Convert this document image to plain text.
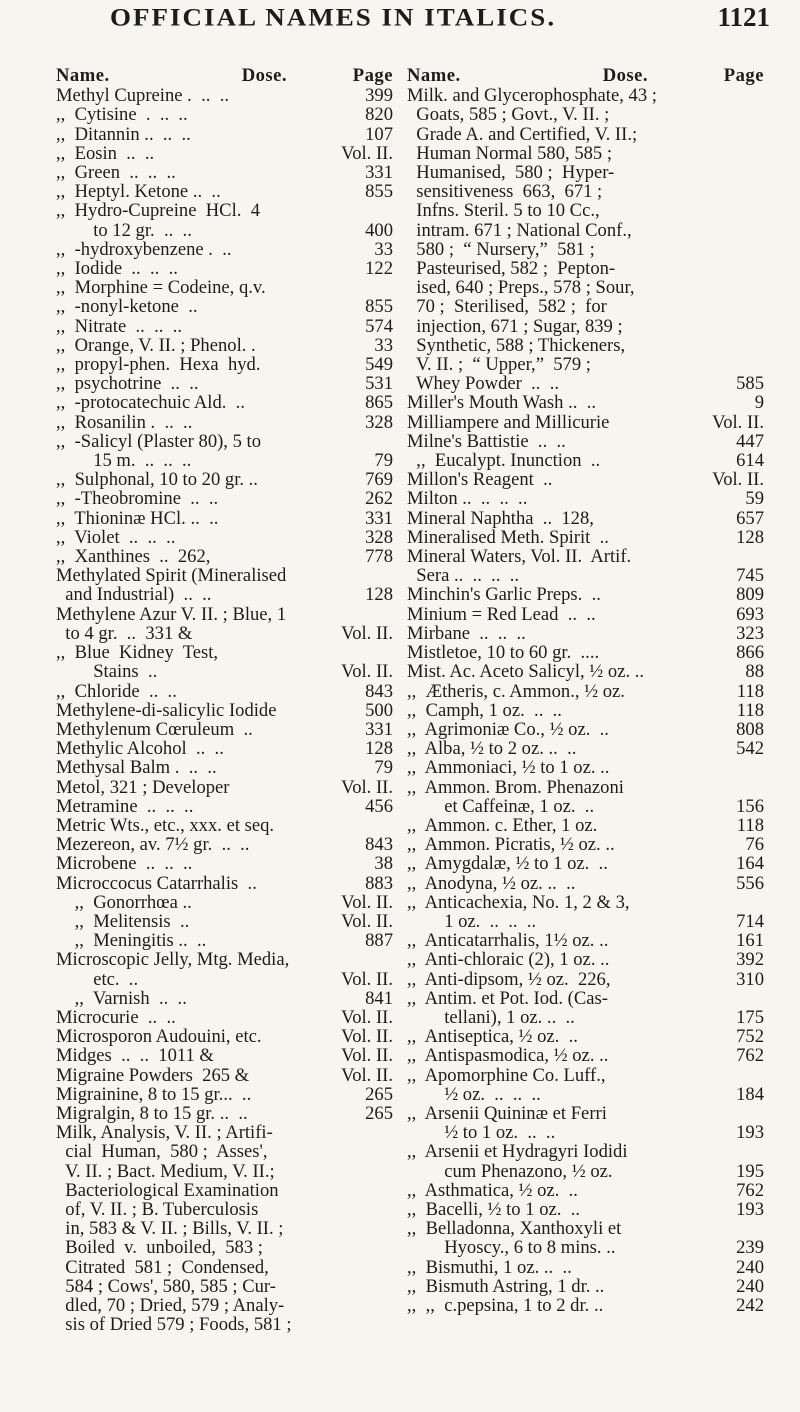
OFFICIAL NAMES IN ITALICS.	1121
Name.	Dose.	Page
Methyl Cupreine .  ..  ..	399
,,  Cytisine  .  ..  ..	820
,,  Ditannin ..  ..  ..	107
,,  Eosin  ..  ..	Vol. II.
,,  Green  ..  ..  ..	331
,,  Heptyl. Ketone ..  ..	855
,,  Hydro-Cupreine  HCl.  4
to 12 gr.  ..  ..	400
,,  -hydroxybenzene .  ..	33
,,  Iodide  ..  ..  ..	122
,,  Morphine = Codeine, q.v.
,,  -nonyl-ketone  ..	855
,,  Nitrate  ..  ..  ..	574
,,  Orange, V. II. ; Phenol. .	33
,,  propyl-phen.  Hexa  hyd.	549
,,  psychotrine  ..  ..	531
,,  -protocatechuic Ald.  ..	865
,,  Rosanilin .  ..  ..	328
,,  -Salicyl (Plaster 80), 5 to
15 m.  ..  ..  ..	79
,,  Sulphonal, 10 to 20 gr. ..	769
,,  -Theobromine  ..  ..	262
,,  Thioninæ HCl. ..  ..	331
,,  Violet  ..  ..  ..	328
,,  Xanthines  ..  262,	778
Methylated Spirit (Mineralised
and Industrial)  ..  ..	128
Methylene Azur V. II. ; Blue, 1
to 4 gr.  ..  331 &	Vol. II.
,,  Blue  Kidney  Test,
Stains  ..	Vol. II.
,,  Chloride  ..  ..	843
Methylene-di-salicylic Iodide	500
Methylenum Cœruleum  ..	331
Methylic Alcohol  ..  ..	128
Methysal Balm .  ..  ..	79
Metol, 321 ; Developer	Vol. II.
Metramine  ..  ..  ..	456
Metric Wts., etc., xxx. et seq.
Mezereon, av. 7½ gr.  ..  ..	843
Microbene  ..  ..  ..	38
Microccocus Catarrhalis  ..	883
,,  Gonorrhœa ..	Vol. II.
,,  Melitensis  ..	Vol. II.
,,  Meningitis ..  ..	887
Microscopic Jelly, Mtg. Media,
etc.  ..	Vol. II.
,,  Varnish  ..  ..	841
Microcurie  ..  ..	Vol. II.
Microsporon Audouini, etc.	Vol. II.
Midges  ..  ..  1011 &	Vol. II.
Migraine Powders  265 &	Vol. II.
Migrainine, 8 to 15 gr...  ..	265
Migralgin, 8 to 15 gr. ..  ..	265
Milk, Analysis, V. II. ; Artifi-
cial  Human,  580 ;  Asses',
V. II. ; Bact. Medium, V. II.;
Bacteriological Examination
of, V. II. ; B. Tuberculosis
in, 583 & V. II. ; Bills, V. II. ;
Boiled  v.  unboiled,  583 ;
Citrated  581 ;  Condensed,
584 ; Cows', 580, 585 ; Cur-
dled, 70 ; Dried, 579 ; Analy-
sis of Dried 579 ; Foods, 581 ;
Name.	Dose.	Page
Milk. and Glycerophosphate, 43 ;
Goats, 585 ; Govt., V. II. ;
Grade A. and Certified, V. II.;
Human Normal 580, 585 ;
Humanised,  580 ;  Hyper-
sensitiveness  663,  671 ;
Infns. Steril. 5 to 10 Cc.,
intram. 671 ; National Conf.,
580 ;  “ Nursery,”  581 ;
Pasteurised, 582 ;  Pepton-
ised, 640 ; Preps., 578 ; Sour,
70 ;  Sterilised,  582 ;  for
injection, 671 ; Sugar, 839 ;
Synthetic, 588 ; Thickeners,
V. II. ;  “ Upper,”  579 ;
Whey Powder  ..  ..	585
Miller's Mouth Wash ..  ..	9
Milliampere and Millicurie	Vol. II.
Milne's Battistie  ..  ..	447
,,  Eucalypt. Inunction  ..	614
Millon's Reagent  ..	Vol. II.
Milton ..  ..  ..  ..	59
Mineral Naphtha  ..  128,	657
Mineralised Meth. Spirit  ..	128
Mineral Waters, Vol. II.  Artif.
Sera ..  ..  ..  ..	745
Minchin's Garlic Preps.  ..	809
Minium = Red Lead  ..  ..	693
Mirbane  ..  ..  ..	323
Mistletoe, 10 to 60 gr.  ....	866
Mist. Ac. Aceto Salicyl, ½ oz. ..	88
,,  Ætheris, c. Ammon., ½ oz.	118
,,  Camph, 1 oz.  ..  ..	118
,,  Agrimoniæ Co., ½ oz.  ..	808
,,  Alba, ½ to 2 oz. ..  ..	542
,,  Ammoniaci, ½ to 1 oz. ..
,,  Ammon. Brom. Phenazoni
et Caffeinæ, 1 oz.  ..	156
,,  Ammon. c. Ether, 1 oz.	118
,,  Ammon. Picratis, ½ oz. ..	76
,,  Amygdalæ, ½ to 1 oz.  ..	164
,,  Anodyna, ½ oz. ..  ..	556
,,  Anticachexia, No. 1, 2 & 3,
1 oz.  ..  ..  ..	714
,,  Anticatarrhalis, 1½ oz. ..	161
,,  Anti-chloraic (2), 1 oz. ..	392
,,  Anti-dipsom, ½ oz.  226,	310
,,  Antim. et Pot. Iod. (Cas-
tellani), 1 oz. ..  ..	175
,,  Antiseptica, ½ oz.  ..	752
,,  Antispasmodica, ½ oz. ..	762
,,  Apomorphine Co. Luff.,
½ oz.  ..  ..  ..	184
,,  Arsenii Quininæ et Ferri
½ to 1 oz.  ..  ..	193
,,  Arsenii et Hydragyri Iodidi
cum Phenazono, ½ oz.	195
,,  Asthmatica, ½ oz.  ..	762
,,  Bacelli, ½ to 1 oz.  ..	193
,,  Belladonna, Xanthoxyli et
Hyoscy., 6 to 8 mins. ..	239
,,  Bismuthi, 1 oz. ..  ..	240
,,  Bismuth Astring, 1 dr. ..	240
,,  ,,  c.pepsina, 1 to 2 dr. ..	242
